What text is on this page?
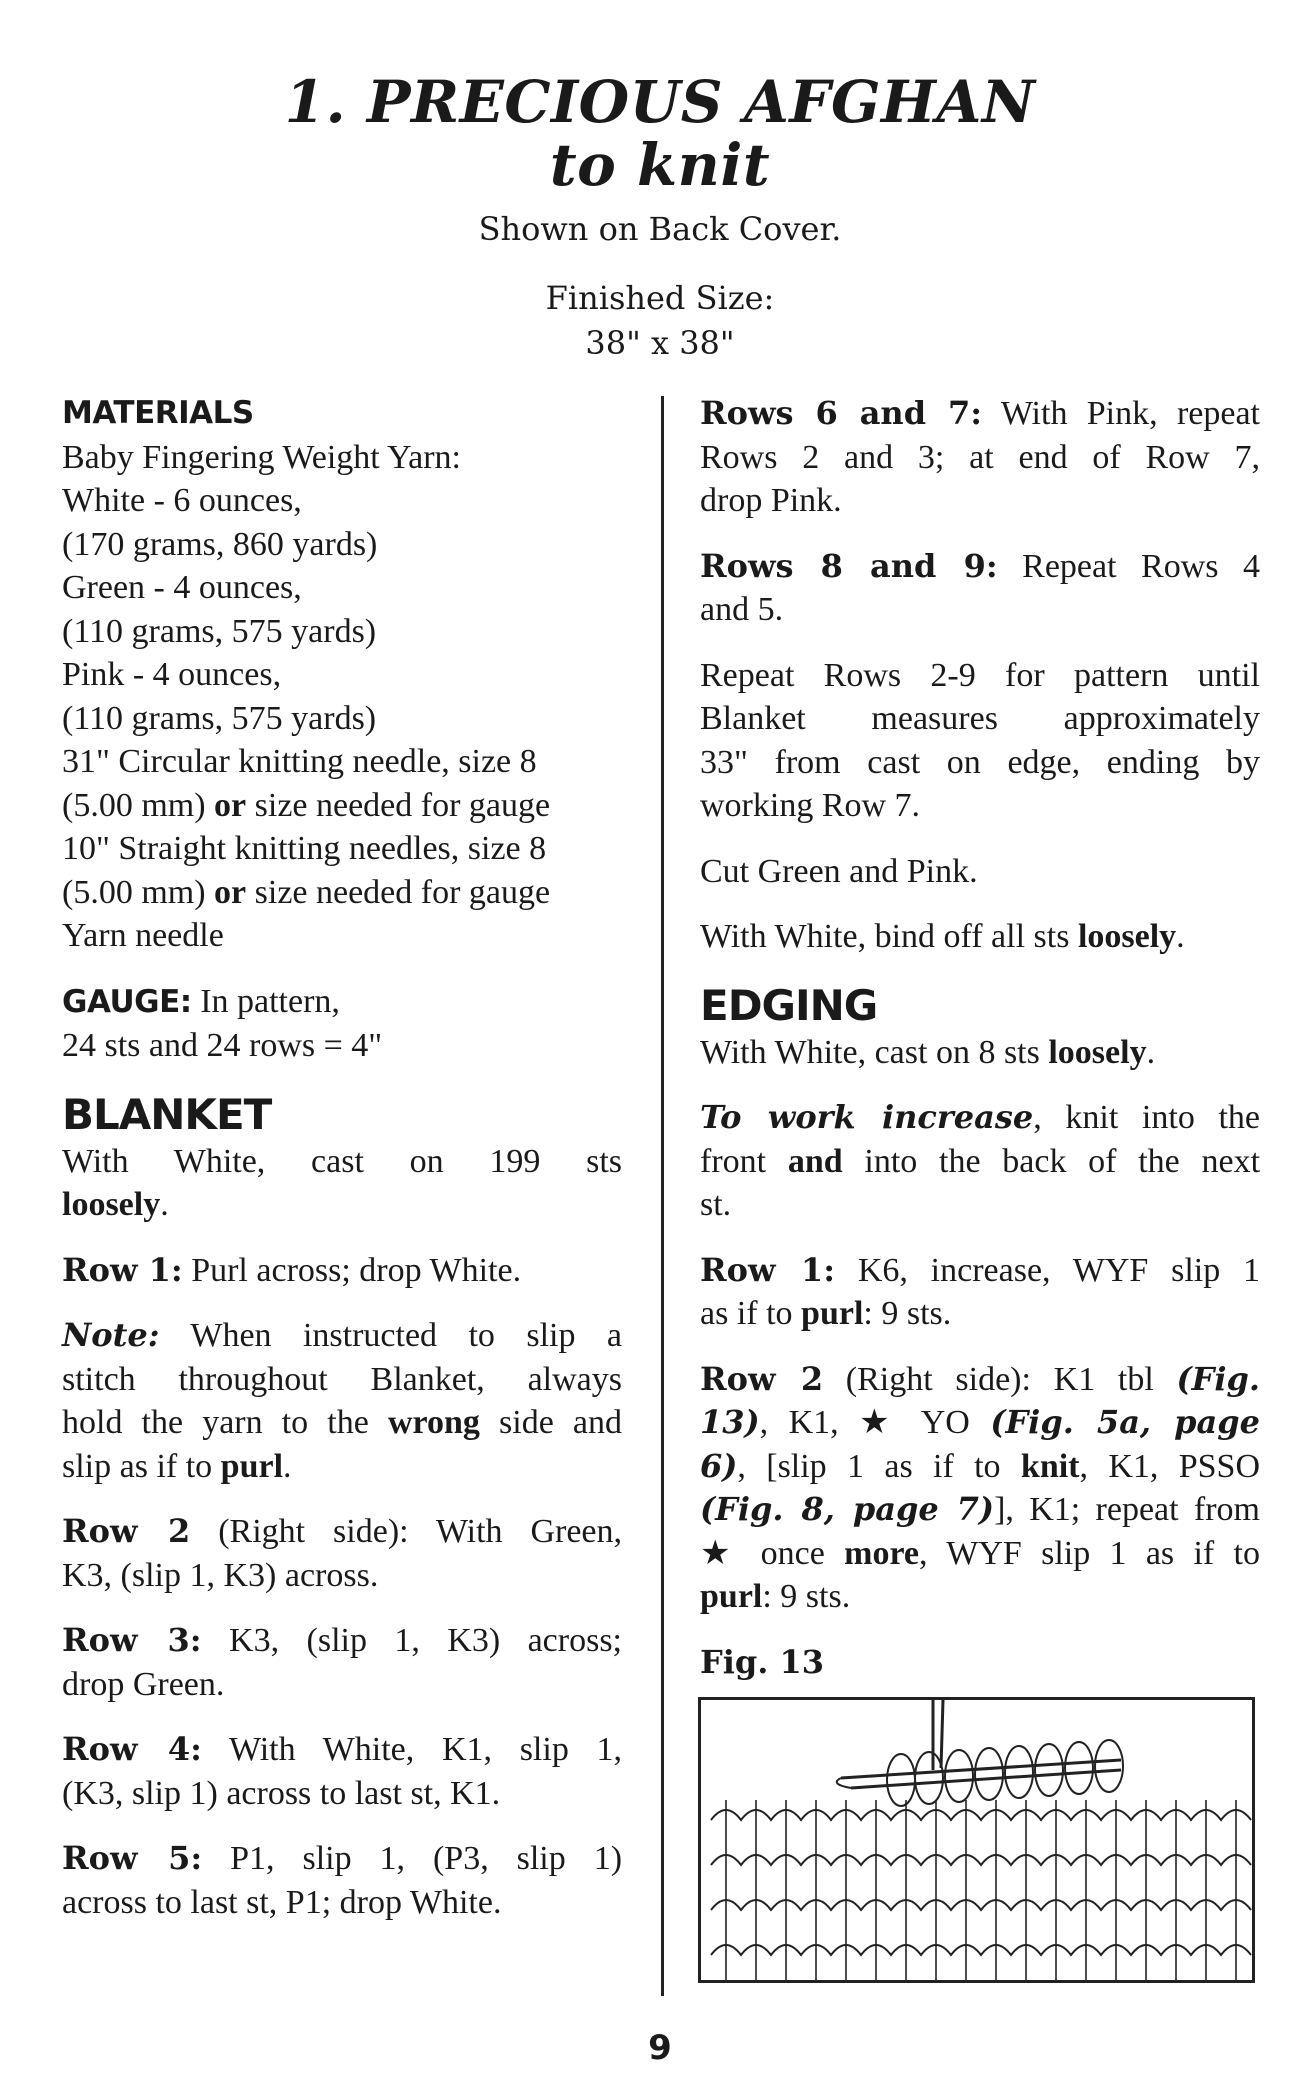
1. PRECIOUS AFGHAN
to knit
Shown on Back Cover.
Finished Size:
38" x 38"
MATERIALS
Baby Fingering Weight Yarn:
White - 6 ounces,
(170 grams, 860 yards)
Green - 4 ounces,
(110 grams, 575 yards)
Pink - 4 ounces,
(110 grams, 575 yards)
31" Circular knitting needle, size 8
(5.00 mm) or size needed for gauge
10" Straight knitting needles, size 8
(5.00 mm) or size needed for gauge
Yarn needle
GAUGE: In pattern,
24 sts and 24 rows = 4"
BLANKET
With White, cast on 199 sts
loosely.
Row 1: Purl across; drop White.
Note: When instructed to slip a
stitch throughout Blanket, always
hold the yarn to the wrong side and
slip as if to purl.
Row 2 (Right side): With Green,
K3, (slip 1, K3) across.
Row 3: K3, (slip 1, K3) across;
drop Green.
Row 4: With White, K1, slip 1,
(K3, slip 1) across to last st, K1.
Row 5: P1, slip 1, (P3, slip 1)
across to last st, P1; drop White.
Rows 6 and 7: With Pink, repeat
Rows 2 and 3; at end of Row 7,
drop Pink.
Rows 8 and 9: Repeat Rows 4
and 5.
Repeat Rows 2-9 for pattern until
Blanket measures approximately
33" from cast on edge, ending by
working Row 7.
Cut Green and Pink.
With White, bind off all sts loosely.
EDGING
With White, cast on 8 sts loosely.
To work increase, knit into the
front and into the back of the next
st.
Row 1: K6, increase, WYF slip 1
as if to purl: 9 sts.
Row 2 (Right side): K1 tbl (Fig.
13), K1, ★ YO (Fig. 5a, page
6), [slip 1 as if to knit, K1, PSSO
(Fig. 8, page 7)], K1; repeat from
★ once more, WYF slip 1 as if to
purl: 9 sts.
Fig. 13
9
